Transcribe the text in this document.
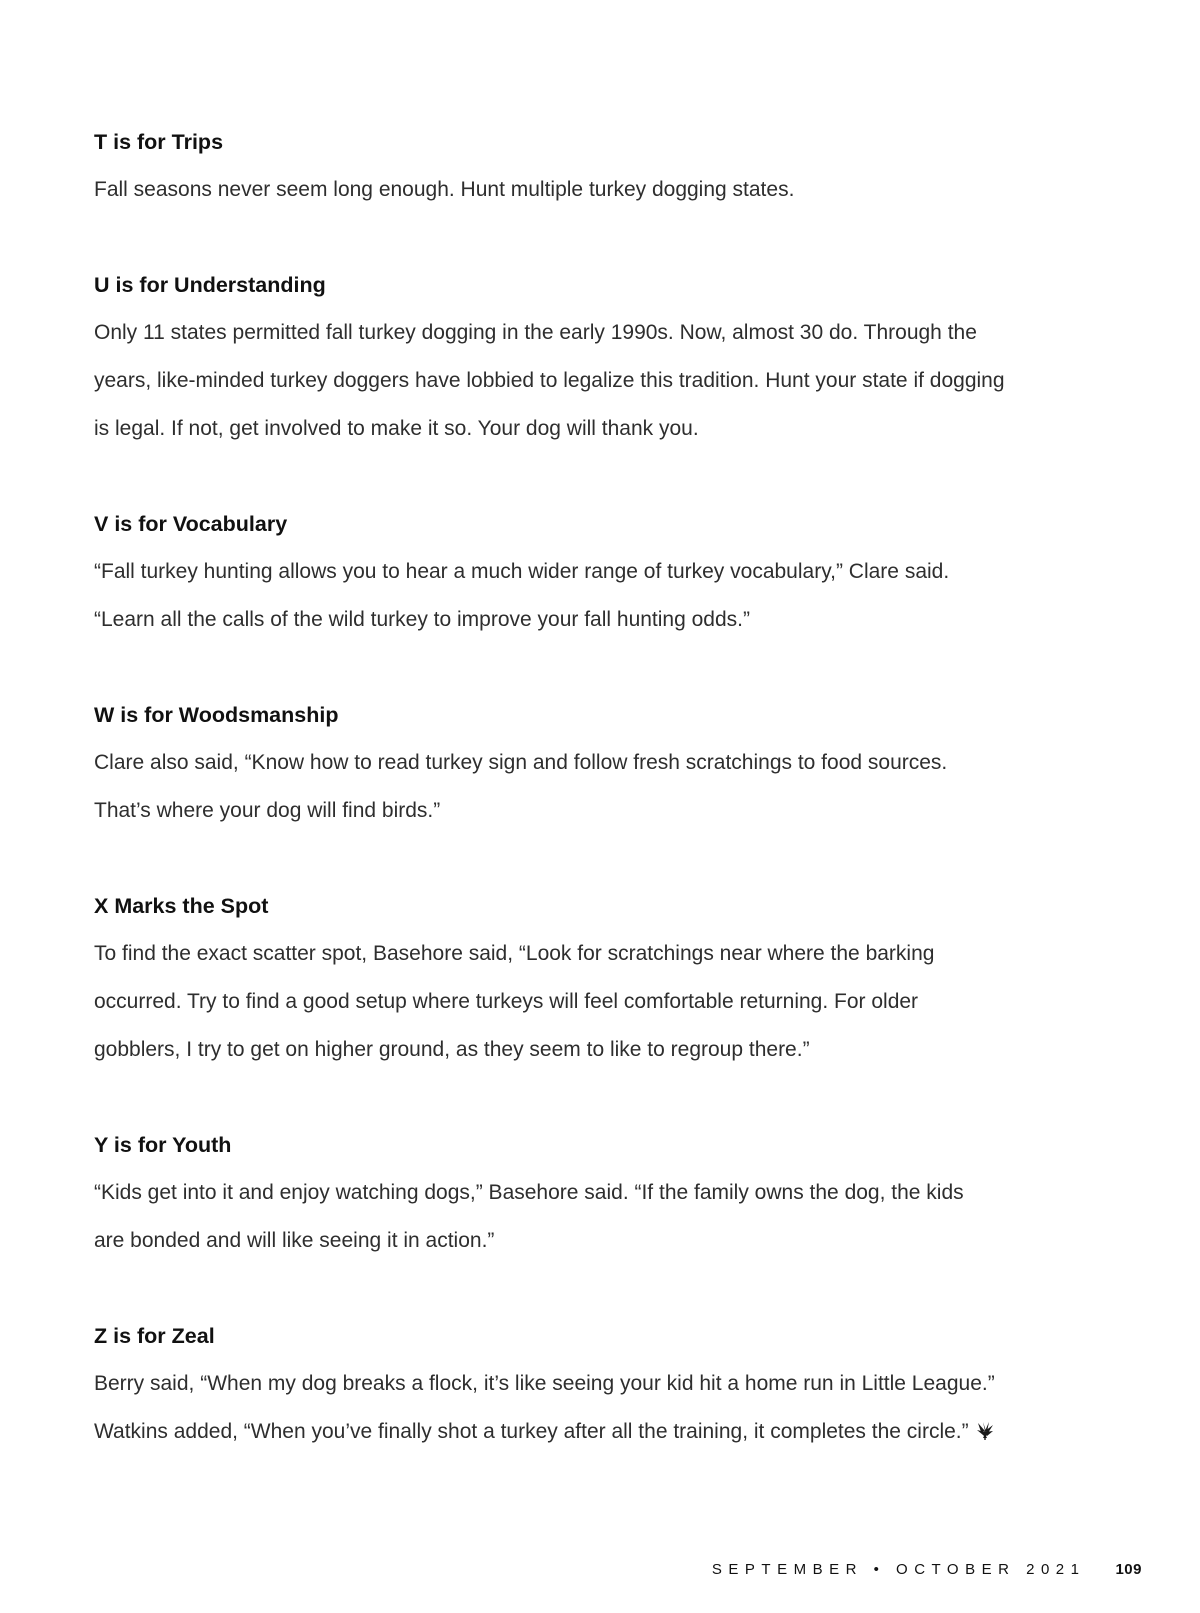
T is for Trips

Fall seasons never seem long enough. Hunt multiple turkey dogging states.

U is for Understanding

Only 11 states permitted fall turkey dogging in the early 1990s. Now, almost 30 do. Through the

years, like-minded turkey doggers have lobbied to legalize this tradition. Hunt your state if dogging

is legal. If not, get involved to make it so. Your dog will thank you.

V is for Vocabulary

“Fall turkey hunting allows you to hear a much wider range of turkey vocabulary,” Clare said.

“Learn all the calls of the wild turkey to improve your fall hunting odds.”

W is for Woodsmanship

Clare also said, “Know how to read turkey sign and follow fresh scratchings to food sources.

That’s where your dog will find birds.”

X Marks the Spot

To find the exact scatter spot, Basehore said, “Look for scratchings near where the barking

occurred. Try to find a good setup where turkeys will feel comfortable returning. For older

gobblers, I try to get on higher ground, as they seem to like to regroup there.”

Y is for Youth

“Kids get into it and enjoy watching dogs,” Basehore said. “If the family owns the dog, the kids

are bonded and will like seeing it in action.”

Z is for Zeal

Berry said, “When my dog breaks a flock, it’s like seeing your kid hit a home run in Little League.”

Watkins added, “When you’ve finally shot a turkey after all the training, it completes the circle.”

SEPTEMBER • OCTOBER 2021 109
